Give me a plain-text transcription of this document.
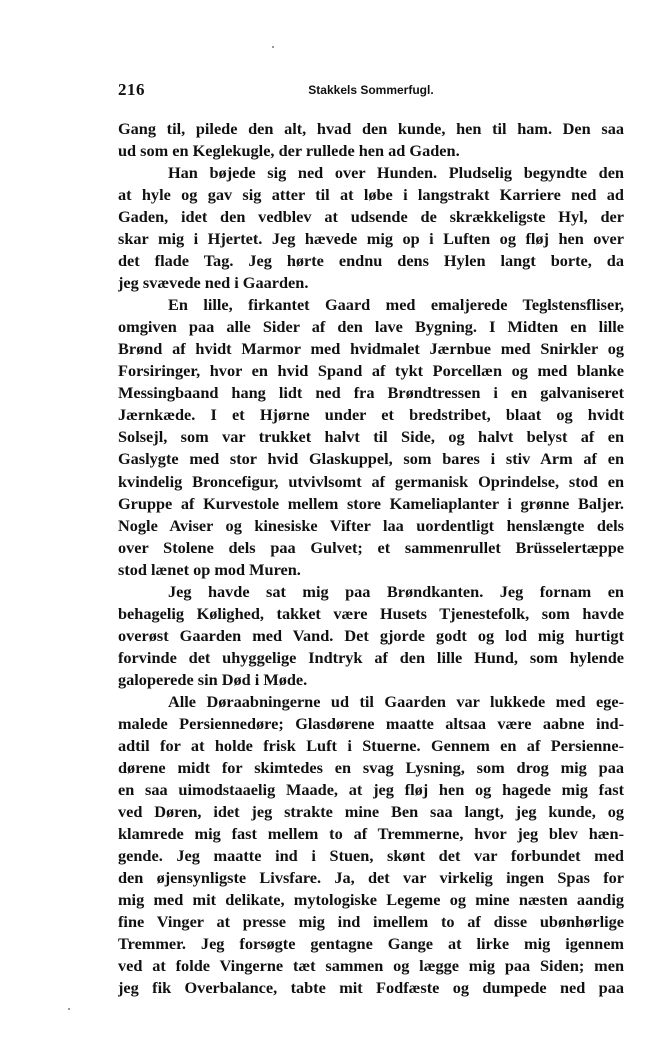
216	Stakkels Sommerfugl.
Gang til, pilede den alt, hvad den kunde, hen til ham. Den saa
ud som en Keglekugle, der rullede hen ad Gaden.
Han bøjede sig ned over Hunden. Pludselig begyndte den
at hyle og gav sig atter til at løbe i langstrakt Karriere ned ad
Gaden, idet den vedblev at udsende de skrækkeligste Hyl, der
skar mig i Hjertet. Jeg hævede mig op i Luften og fløj hen over
det flade Tag. Jeg hørte endnu dens Hylen langt borte, da
jeg svævede ned i Gaarden.
En lille, firkantet Gaard med emaljerede Teglstensfliser,
omgiven paa alle Sider af den lave Bygning. I Midten en lille
Brønd af hvidt Marmor med hvidmalet Jærnbue med Snirkler og
Forsiringer, hvor en hvid Spand af tykt Porcellæn og med blanke
Messingbaand hang lidt ned fra Brøndtressen i en galvaniseret
Jærnkæde. I et Hjørne under et bredstribet, blaat og hvidt
Solsejl, som var trukket halvt til Side, og halvt belyst af en
Gaslygte med stor hvid Glaskuppel, som bares i stiv Arm af en
kvindelig Broncefigur, utvivlsomt af germanisk Oprindelse, stod en
Gruppe af Kurvestole mellem store Kameliaplanter i grønne Baljer.
Nogle Aviser og kinesiske Vifter laa uordentligt henslængte dels
over Stolene dels paa Gulvet; et sammenrullet Brüsselertæppe
stod lænet op mod Muren.
Jeg havde sat mig paa Brøndkanten. Jeg fornam en
behagelig Kølighed, takket være Husets Tjenestefolk, som havde
overøst Gaarden med Vand. Det gjorde godt og lod mig hurtigt
forvinde det uhyggelige Indtryk af den lille Hund, som hylende
galoperede sin Død i Møde.
Alle Døraabningerne ud til Gaarden var lukkede med ege-
malede Persiennedøre; Glasdørene maatte altsaa være aabne ind-
adtil for at holde frisk Luft i Stuerne. Gennem en af Persienne-
dørene midt for skimtedes en svag Lysning, som drog mig paa
en saa uimodstaaelig Maade, at jeg fløj hen og hagede mig fast
ved Døren, idet jeg strakte mine Ben saa langt, jeg kunde, og
klamrede mig fast mellem to af Tremmerne, hvor jeg blev hæn-
gende. Jeg maatte ind i Stuen, skønt det var forbundet med
den øjensynligste Livsfare. Ja, det var virkelig ingen Spas for
mig med mit delikate, mytologiske Legeme og mine næsten aandig
fine Vinger at presse mig ind imellem to af disse ubønhørlige
Tremmer. Jeg forsøgte gentagne Gange at lirke mig igennem
ved at folde Vingerne tæt sammen og lægge mig paa Siden; men
jeg fik Overbalance, tabte mit Fodfæste og dumpede ned paa
